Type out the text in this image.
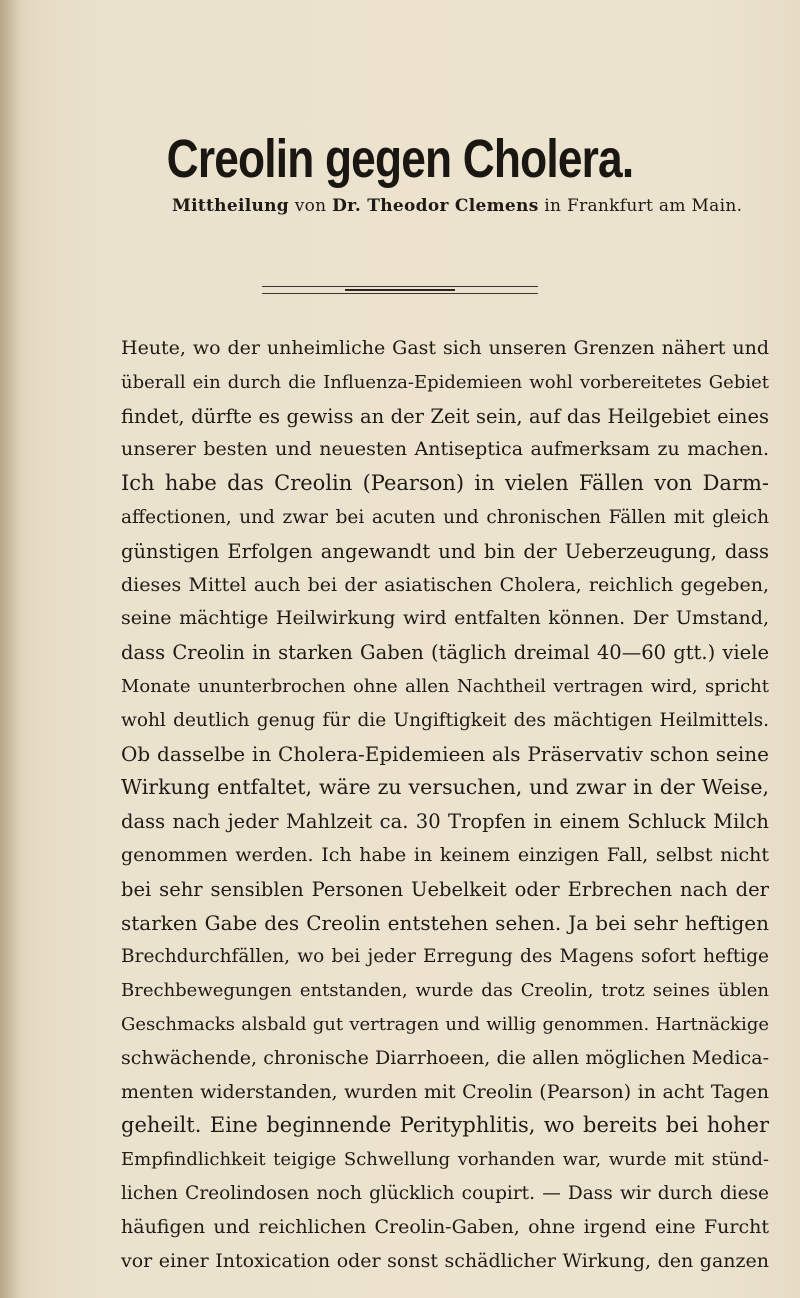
Creolin gegen Cholera.
Mittheilung von Dr. Theodor Clemens in Frankfurt am Main.
Heute, wo der unheimliche Gast sich unseren Grenzen nähert und
überall ein durch die Influenza-Epidemieen wohl vorbereitetes Gebiet
findet, dürfte es gewiss an der Zeit sein, auf das Heilgebiet eines
unserer besten und neuesten Antiseptica aufmerksam zu machen.
Ich habe das Creolin (Pearson) in vielen Fällen von Darm-
affectionen, und zwar bei acuten und chronischen Fällen mit gleich
günstigen Erfolgen angewandt und bin der Ueberzeugung, dass
dieses Mittel auch bei der asiatischen Cholera, reichlich gegeben,
seine mächtige Heilwirkung wird entfalten können. Der Umstand,
dass Creolin in starken Gaben (täglich dreimal 40—60 gtt.) viele
Monate ununterbrochen ohne allen Nachtheil vertragen wird, spricht
wohl deutlich genug für die Ungiftigkeit des mächtigen Heilmittels.
Ob dasselbe in Cholera-Epidemieen als Präservativ schon seine
Wirkung entfaltet, wäre zu versuchen, und zwar in der Weise,
dass nach jeder Mahlzeit ca. 30 Tropfen in einem Schluck Milch
genommen werden. Ich habe in keinem einzigen Fall, selbst nicht
bei sehr sensiblen Personen Uebelkeit oder Erbrechen nach der
starken Gabe des Creolin entstehen sehen. Ja bei sehr heftigen
Brechdurchfällen, wo bei jeder Erregung des Magens sofort heftige
Brechbewegungen entstanden, wurde das Creolin, trotz seines üblen
Geschmacks alsbald gut vertragen und willig genommen. Hartnäckige
schwächende, chronische Diarrhoeen, die allen möglichen Medica-
menten widerstanden, wurden mit Creolin (Pearson) in acht Tagen
geheilt. Eine beginnende Perityphlitis, wo bereits bei hoher
Empfindlichkeit teigige Schwellung vorhanden war, wurde mit stünd-
lichen Creolindosen noch glücklich coupirt. — Dass wir durch diese
häufigen und reichlichen Creolin-Gaben, ohne irgend eine Furcht
vor einer Intoxication oder sonst schädlicher Wirkung, den ganzen
